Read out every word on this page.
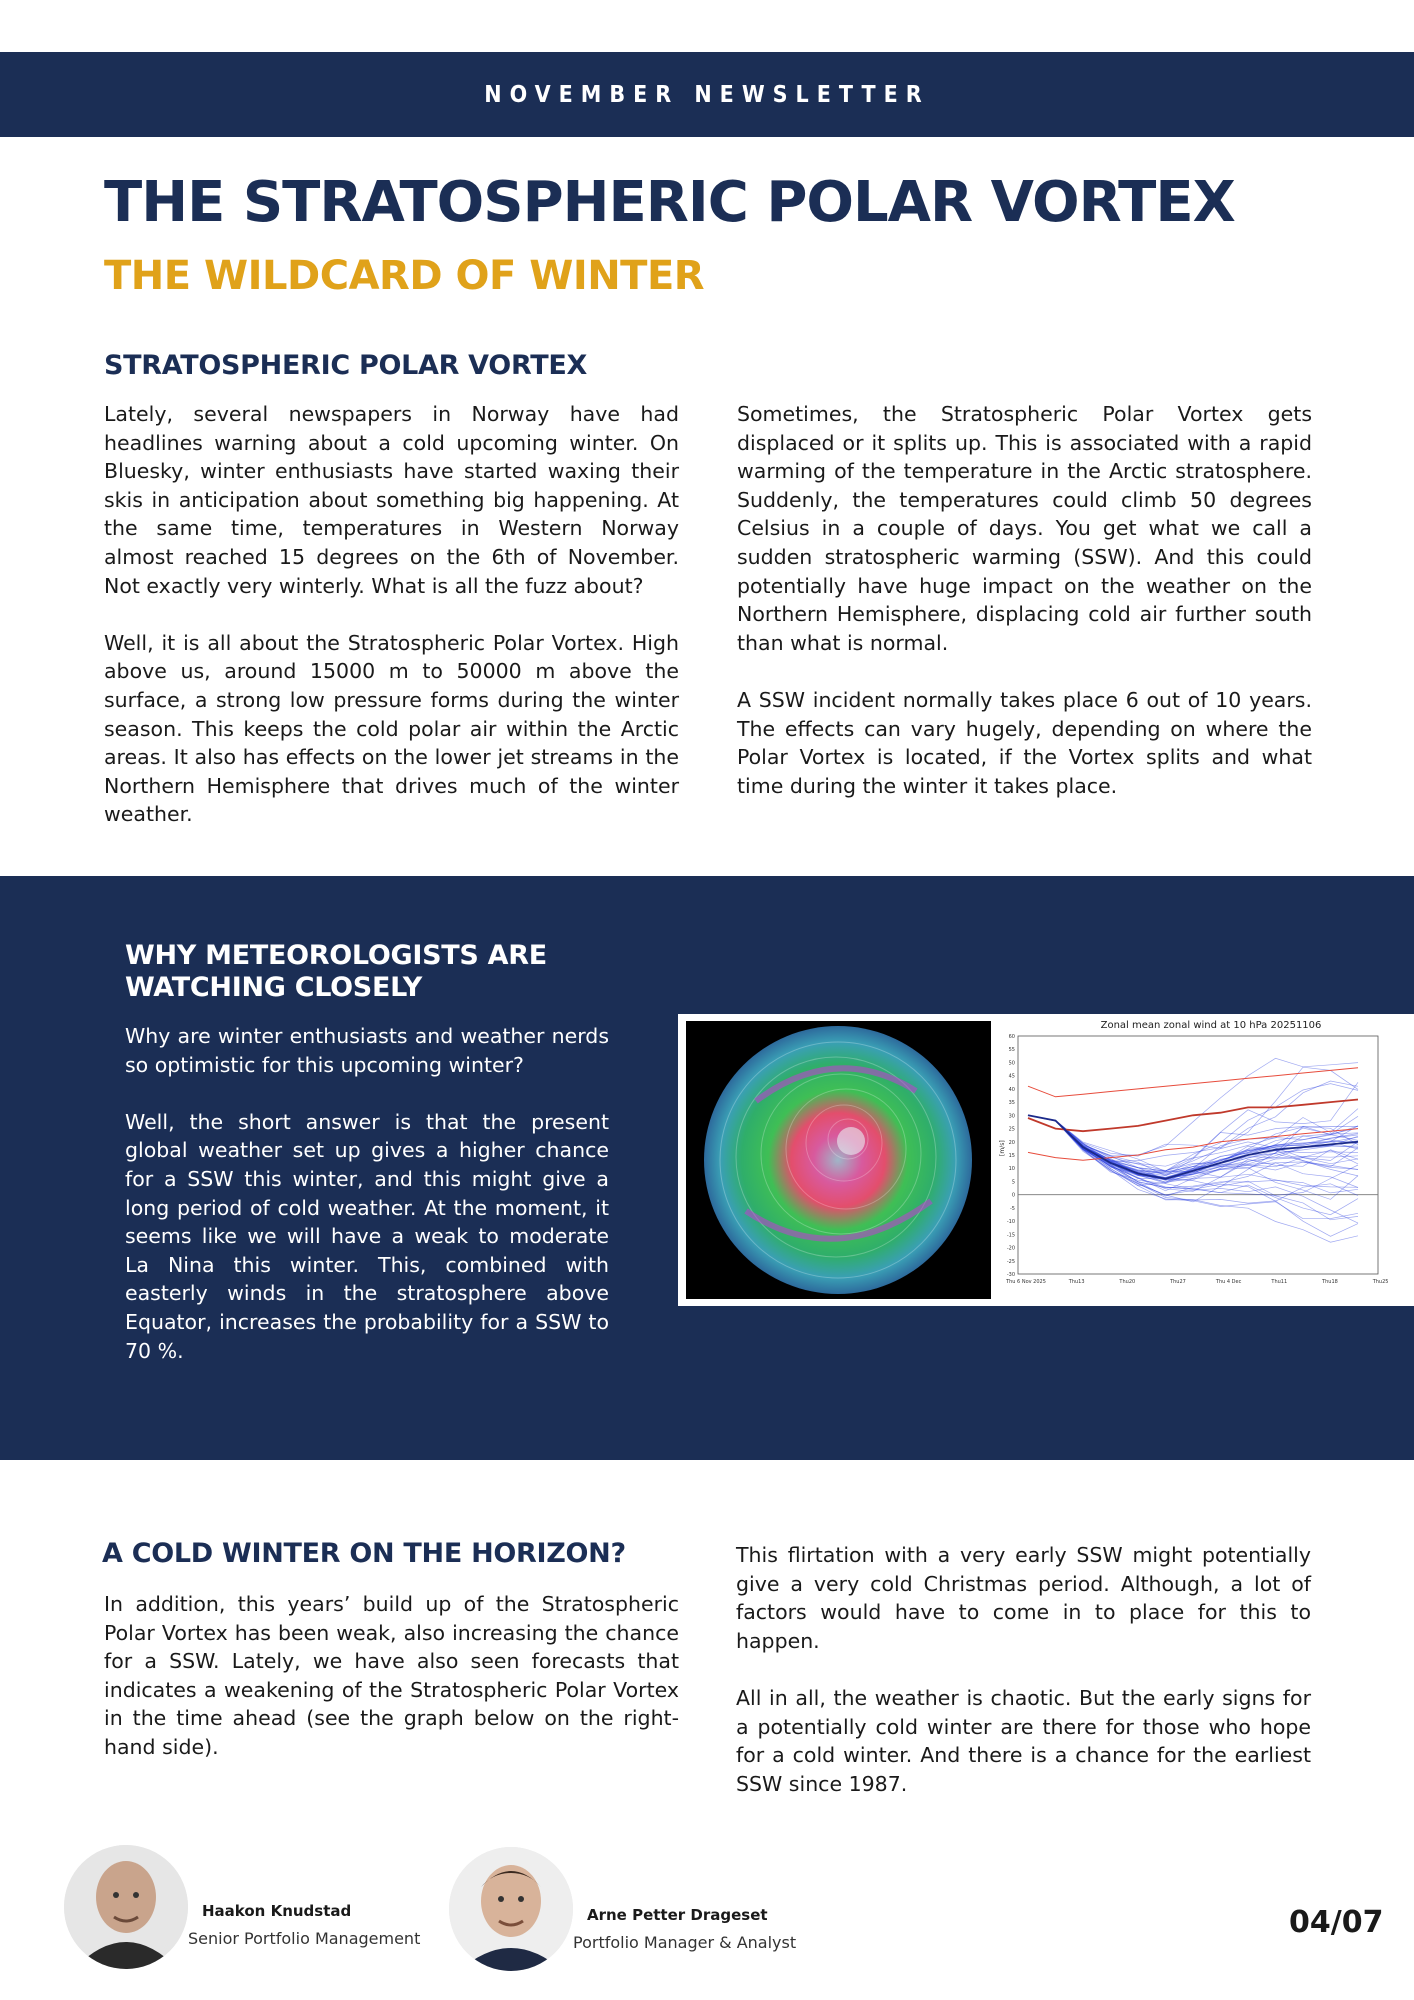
NOVEMBER NEWSLETTER
THE STRATOSPHERIC POLAR VORTEX
THE WILDCARD OF WINTER
STRATOSPHERIC POLAR VORTEX

Lately, several newspapers in Norway have had headlines warning about a cold upcoming winter. On Bluesky, winter enthusiasts have started waxing their skis in anticipation about something big happening. At the same time, temperatures in Western Norway almost reached 15 degrees on the 6th of November. Not exactly very winterly. What is all the fuzz about?

Well, it is all about the Stratospheric Polar Vortex. High above us, around 15000 m to 50000 m above the surface, a strong low pressure forms during the winter season. This keeps the cold polar air within the Arctic areas. It also has effects on the lower jet streams in the Northern Hemisphere that drives much of the winter weather.

Sometimes, the Stratospheric Polar Vortex gets displaced or it splits up. This is associated with a rapid warming of the temperature in the Arctic stratosphere. Suddenly, the temperatures could climb 50 degrees Celsius in a couple of days. You get what we call a sudden stratospheric warming (SSW). And this could potentially have huge impact on the weather on the Northern Hemisphere, displacing cold air further south than what is normal.

A SSW incident normally takes place 6 out of 10 years. The effects can vary hugely, depending on where the Polar Vortex is located, if the Vortex splits and what time during the winter it takes place.

WHY METEOROLOGISTS ARE WATCHING CLOSELY

Why are winter enthusiasts and weather nerds so optimistic for this upcoming winter?

Well, the short answer is that the present global weather set up gives a higher chance for a SSW this winter, and this might give a long period of cold weather. At the moment, it seems like we will have a weak to moderate La Nina this winter. This, combined with easterly winds in the stratosphere above Equator, increases the probability for a SSW to 70 %.

Zonal mean zonal wind at 10 hPa 20251106
60
55
50
45
40
35
30
25
20
15
10
5
0
-5
-10
-15
-20
-25
-30
Thu 6 Nov 2025	Thu13	Thu20	Thu27	Thu 4 Dec	Thu11	Thu18	Thu25
[m/s]
A COLD WINTER ON THE HORIZON?

In addition, this years’ build up of the Stratospheric Polar Vortex has been weak, also increasing the chance for a SSW. Lately, we have also seen forecasts that indicates a weakening of the Stratospheric Polar Vortex in the time ahead (see the graph below on the right-hand side).

This flirtation with a very early SSW might potentially give a very cold Christmas period. Although, a lot of factors would have to come in to place for this to happen.

All in all, the weather is chaotic. But the early signs for a potentially cold winter are there for those who hope for a cold winter. And there is a chance for the earliest SSW since 1987.

Haakon Knudstad
Senior Portfolio Management
Arne Petter Drageset
Portfolio Manager & Analyst
04/07
